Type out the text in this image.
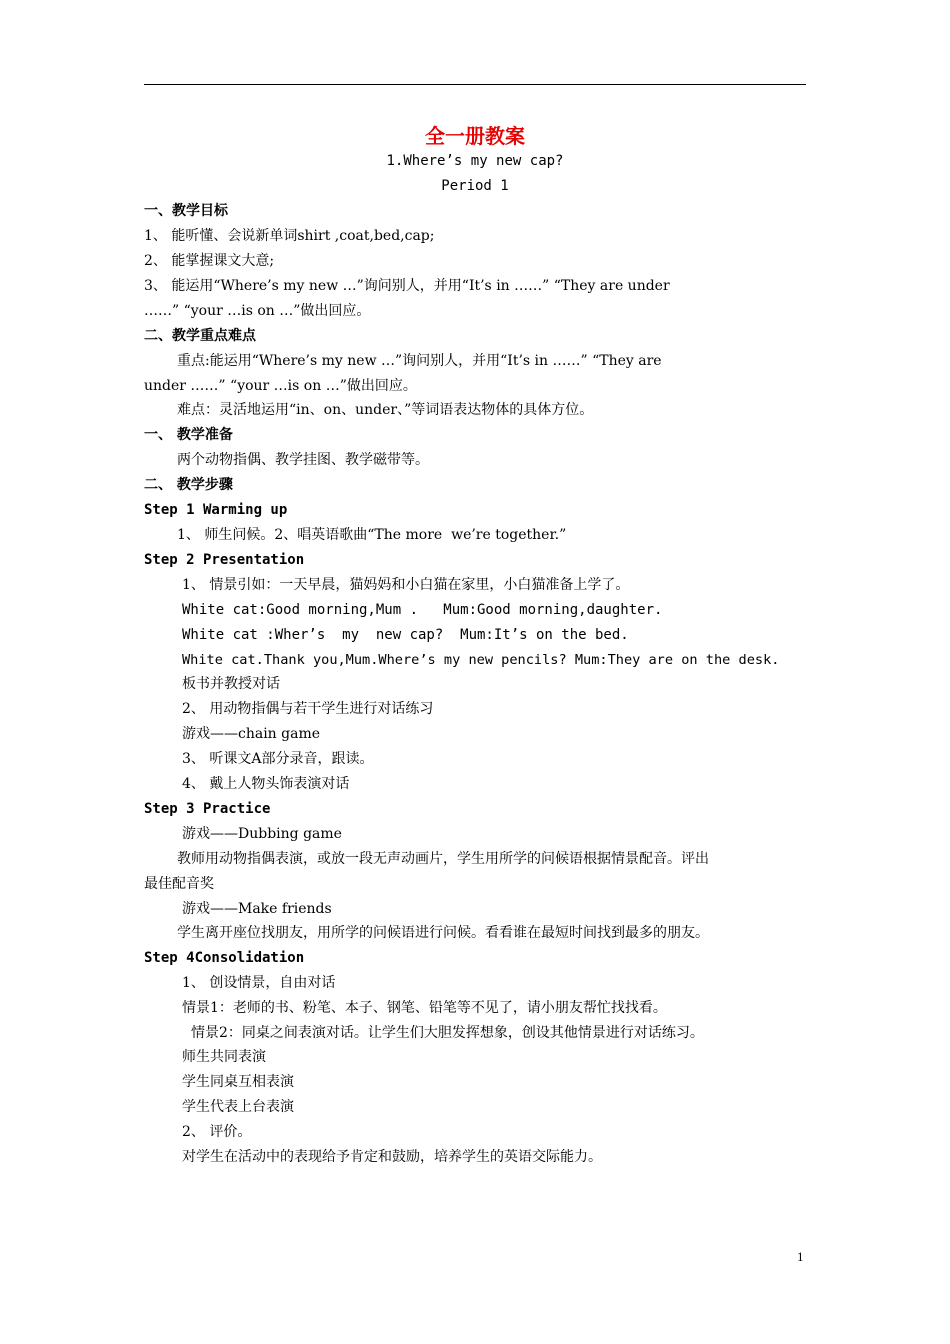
全一册教案
1.Where’s my new cap?
Period 1
一、教学目标
1、 能听懂、会说新单词shirt ,coat,bed,cap;
2、 能掌握课文大意;
3、 能运用“Where’s my new …”询问别人，并用“It’s in ……” “They are under
……” “your …is on …”做出回应。
二、教学重点难点
重点:能运用“Where’s my new …”询问别人，并用“It’s in ……” “They are
under ……” “your …is on …”做出回应。
难点：灵活地运用“in、on、under、”等词语表达物体的具体方位。
一、 教学准备
两个动物指偶、教学挂图、教学磁带等。
二、 教学步骤
Step 1 Warming up
1、 师生问候。2、唱英语歌曲“The more  we’re together.”
Step 2 Presentation
1、 情景引如：一天早晨，猫妈妈和小白猫在家里，小白猫准备上学了。
White cat:Good morning,Mum .   Mum:Good morning,daughter.
White cat :Wher’s  my  new cap?  Mum:It’s on the bed.
White cat.Thank you,Mum.Where’s my new pencils? Mum:They are on the desk.
板书并教授对话
2、 用动物指偶与若干学生进行对话练习
游戏——chain game
3、 听课文A部分录音，跟读。
4、 戴上人物头饰表演对话
Step 3 Practice
游戏——Dubbing game
教师用动物指偶表演，或放一段无声动画片，学生用所学的问候语根据情景配音。评出
最佳配音奖
游戏——Make friends
学生离开座位找朋友，用所学的问候语进行问候。看看谁在最短时间找到最多的朋友。
Step 4Consolidation
1、 创设情景，自由对话
情景1：老师的书、粉笔、本子、钢笔、铅笔等不见了，请小朋友帮忙找找看。
情景2：同桌之间表演对话。让学生们大胆发挥想象，创设其他情景进行对话练习。
师生共同表演
学生同桌互相表演
学生代表上台表演
2、 评价。
对学生在活动中的表现给予肯定和鼓励，培养学生的英语交际能力。
1
